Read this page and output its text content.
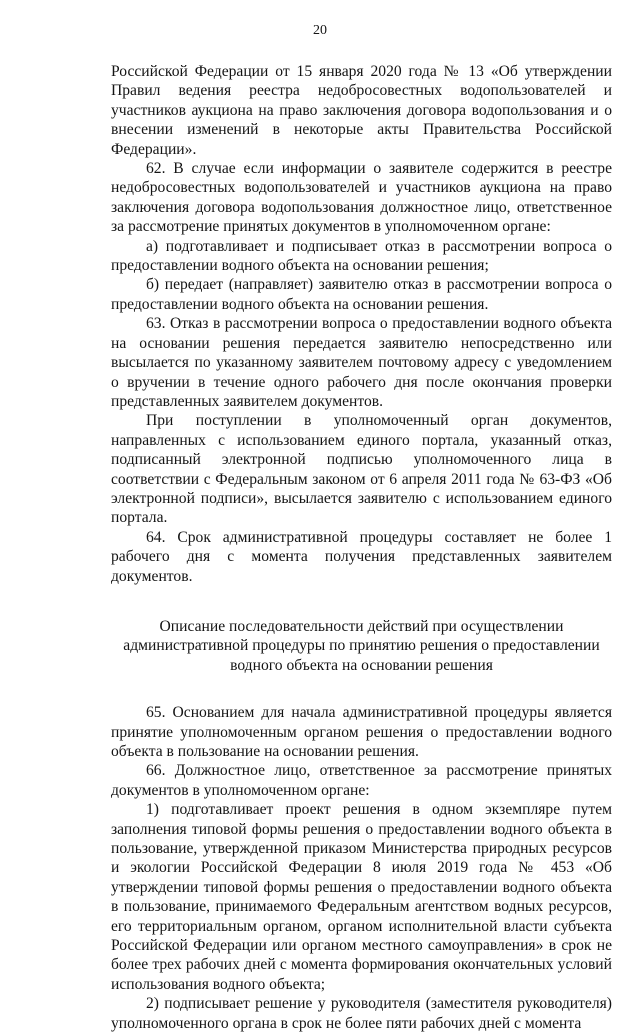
20

Российской Федерации от 15 января 2020 года № 13 «Об утверждении Правил ведения реестра недобросовестных водопользователей и участников аукциона на право заключения договора водопользования и о внесении изменений в некоторые акты Правительства Российской Федерации».

62. В случае если информации о заявителе содержится в реестре недобросовестных водопользователей и участников аукциона на право заключения договора водопользования должностное лицо, ответственное за рассмотрение принятых документов в уполномоченном органе:

а) подготавливает и подписывает отказ в рассмотрении вопроса о предоставлении водного объекта на основании решения;

б) передает (направляет) заявителю отказ в рассмотрении вопроса о предоставлении водного объекта на основании решения.

63. Отказ в рассмотрении вопроса о предоставлении водного объекта на основании решения передается заявителю непосредственно или высылается по указанному заявителем почтовому адресу с уведомлением о вручении в течение одного рабочего дня после окончания проверки представленных заявителем документов.

При поступлении в уполномоченный орган документов, направленных с использованием единого портала, указанный отказ, подписанный электронной подписью уполномоченного лица в соответствии с Федеральным законом от 6 апреля 2011 года № 63-ФЗ «Об электронной подписи», высылается заявителю с использованием единого портала.

64. Срок административной процедуры составляет не более 1 рабочего дня с момента получения представленных заявителем документов.

Описание последовательности действий при осуществлении
административной процедуры по принятию решения о предоставлении
водного объекта на основании решения

65. Основанием для начала административной процедуры является принятие уполномоченным органом решения о предоставлении водного объекта в пользование на основании решения.

66. Должностное лицо, ответственное за рассмотрение принятых документов в уполномоченном органе:

1) подготавливает проект решения в одном экземпляре путем заполнения типовой формы решения о предоставлении водного объекта в пользование, утвержденной приказом Министерства природных ресурсов и экологии Российской Федерации 8 июля 2019 года № 453 «Об утверждении типовой формы решения о предоставлении водного объекта в пользование, принимаемого Федеральным агентством водных ресурсов, его территориальным органом, органом исполнительной власти субъекта Российской Федерации или органом местного самоуправления» в срок не более трех рабочих дней с момента формирования окончательных условий использования водного объекта;

2) подписывает решение у руководителя (заместителя руководителя) уполномоченного органа в срок не более пяти рабочих дней с момента
